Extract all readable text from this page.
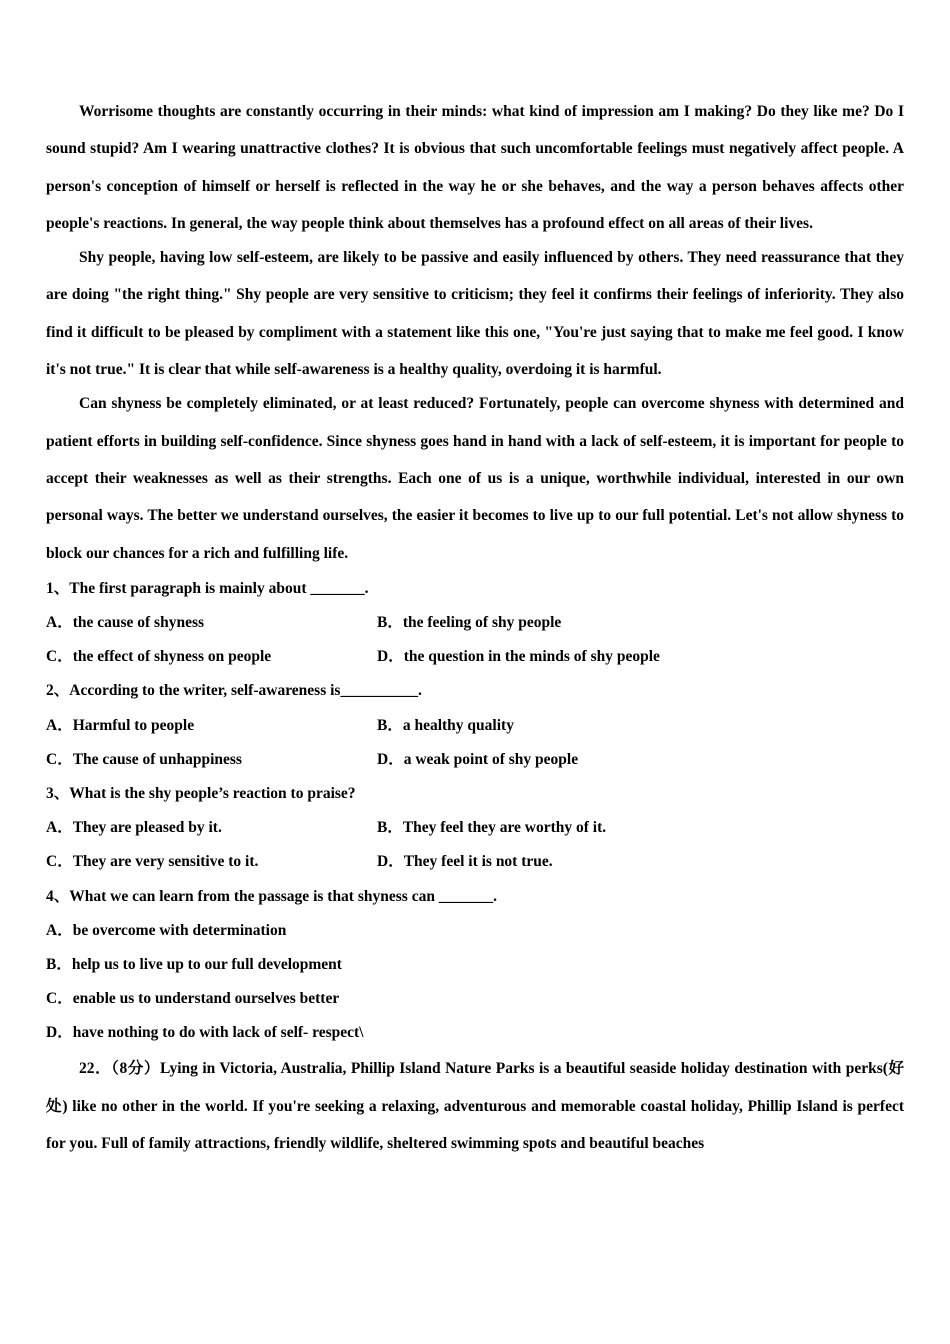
Worrisome thoughts are constantly occurring in their minds: what kind of impression am I making? Do they like me? Do I sound stupid? Am I wearing unattractive clothes? It is obvious that such uncomfortable feelings must negatively affect people. A person's conception of himself or herself is reflected in the way he or she behaves, and the way a person behaves affects other people's reactions. In general, the way people think about themselves has a profound effect on all areas of their lives.

Shy people, having low self-esteem, are likely to be passive and easily influenced by others. They need reassurance that they are doing "the right thing." Shy people are very sensitive to criticism; they feel it confirms their feelings of inferiority. They also find it difficult to be pleased by compliment with a statement like this one, "You're just saying that to make me feel good. I know it's not true." It is clear that while self-awareness is a healthy quality, overdoing it is harmful.

Can shyness be completely eliminated, or at least reduced? Fortunately, people can overcome shyness with determined and patient efforts in building self-confidence. Since shyness goes hand in hand with a lack of self-esteem, it is important for people to accept their weaknesses as well as their strengths. Each one of us is a unique, worthwhile individual, interested in our own personal ways. The better we understand ourselves, the easier it becomes to live up to our full potential. Let's not allow shyness to block our chances for a rich and fulfilling life.

1、The first paragraph is mainly about _______.
A．the cause of shyness	B．the feeling of shy people
C．the effect of shyness on people	D．the question in the minds of shy people
2、According to the writer, self-awareness is__________.
A．Harmful to people	B．a healthy quality
C．The cause of unhappiness	D．a weak point of shy people
3、What is the shy people’s reaction to praise?
A．They are pleased by it.	B．They feel they are worthy of it.
C．They are very sensitive to it.	D．They feel it is not true.
4、What we can learn from the passage is that shyness can _______.
A．be overcome with determination
B．help us to live up to our full development
C．enable us to understand ourselves better
D．have nothing to do with lack of self- respect\

22．（8分）Lying in Victoria, Australia, Phillip Island Nature Parks is a beautiful seaside holiday destination with perks(好处) like no other in the world. If you're seeking a relaxing, adventurous and memorable coastal holiday, Phillip Island is perfect for you. Full of family attractions, friendly wildlife, sheltered swimming spots and beautiful beaches
